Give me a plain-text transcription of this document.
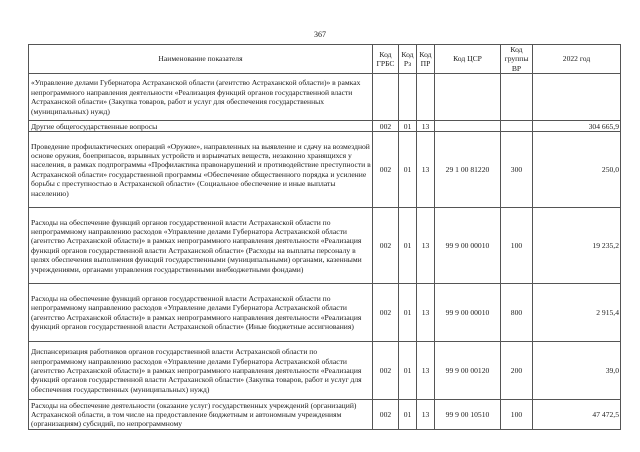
367
Наименование показателя	Код ГРБС	Код Рз	Код ПР	Код ЦСР	Код группы ВР	2022 год
«Управление делами Губернатора Астраханской области (агентство Астраханской области)» в рамках непрограммного направления деятельности «Реализация функций органов государственной власти Астраханской области» (Закупка товаров, работ и услуг для обеспечения государственных (муниципальных) нужд)						
Другие общегосударственные вопросы	002	01	13			304 665,9
Проведение профилактических операций «Оружие», направленных на выявление и сдачу на возмездной основе оружия, боеприпасов, взрывных устройств и взрывчатых веществ, незаконно хранящихся у населения, в рамках подпрограммы «Профилактика правонарушений и противодействие преступности в Астраханской области» государственной программы «Обеспечение общественного порядка и усиление борьбы с преступностью в Астраханской области» (Социальное обеспечение и иные выплаты населению)	002	01	13	29 1 00 81220	300	250,0
Расходы на обеспечение функций органов государственной власти Астраханской области по непрограммному направлению расходов «Управление делами Губернатора Астраханской области (агентство Астраханской области)» в рамках непрограммного направления деятельности «Реализация функций органов государственной власти Астраханской области» (Расходы на выплаты персоналу в целях обеспечения выполнения функций государственными (муниципальными) органами, казенными учреждениями, органами управления государственными внебюджетными фондами)	002	01	13	99 9 00 00010	100	19 235,2
Расходы на обеспечение функций органов государственной власти Астраханской области по непрограммному направлению расходов «Управление делами Губернатора Астраханской области (агентство Астраханской области)» в рамках непрограммного направления деятельности «Реализация функций органов государственной власти Астраханской области» (Иные бюджетные ассигнования)	002	01	13	99 9 00 00010	800	2 915,4
Диспансеризация работников органов государственной власти Астраханской области по непрограммному направлению расходов «Управление делами Губернатора Астраханской области (агентство Астраханской области)» в рамках непрограммного направления деятельности «Реализация функций органов государственной власти Астраханской области» (Закупка товаров, работ и услуг для обеспечения государственных (муниципальных) нужд)	002	01	13	99 9 00 00120	200	39,0
Расходы на обеспечение деятельности (оказание услуг) государственных учреждений (организаций) Астраханской области, в том числе на предоставление бюджетным и автономным учреждениям (организациям) субсидий, по непрограммному	002	01	13	99 9 00 10510	100	47 472,5
